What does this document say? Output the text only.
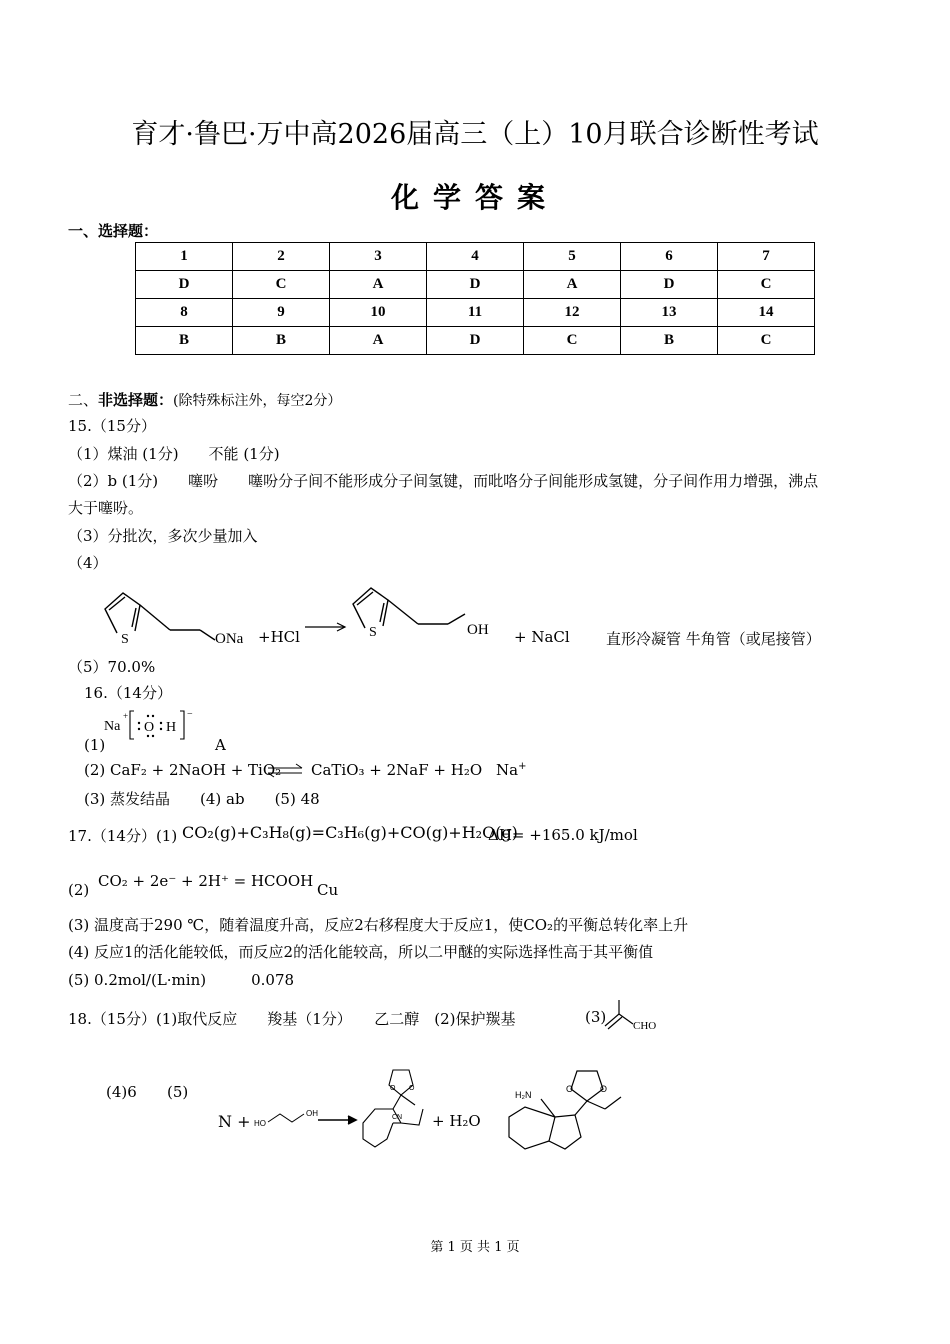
育才·鲁巴·万中高2026届高三（上）10月联合诊断性考试
化学答案
一、选择题：
1	2	3	4	5	6	7
D	C	A	D	A	D	C
8	9	10	11	12	13	14
B	B	A	D	C	B	C
二、非选择题：(除特殊标注外，每空2分）
15.（15分）
（1）煤油 (1分)　　不能 (1分)
（2）b (1分)　　噻吩　　噻吩分子间不能形成分子间氢键，而吡咯分子间能形成氢键，分子间作用力增强，沸点
大于噻吩。
（3）分批次，多次少量加入
（4）
S	ONa +HCl → S	OH + NaCl 直形冷凝管 牛角管（或尾接管）
（5）70.0%
16.（14分）
(1)
Na
+
O H
−
A
(2) CaF₂ + 2NaOH + TiO₂ ⇌ CaTiO₃ + 2NaF + H₂O Na+
(3) 蒸发结晶　　(4) ab　　(5) 48
17.（14分）(1) CO₂(g)+C₃H₈(g)=C₃H₆(g)+CO(g)+H₂O(g)
ΔH= +165.0 kJ/mol
(2) CO₂ + 2e⁻ + 2H⁺ = HCOOH Cu
(3) 温度高于290 ℃，随着温度升高，反应2右移程度大于反应1，使CO₂的平衡总转化率上升
(4) 反应1的活化能较低，而反应2的活化能较高，所以二甲醚的实际选择性高于其平衡值
(5) 0.2mol/(L·min)　　　0.078
18.（15分）(1)取代反应　　羧基（1分）　　乙二醇　(2)保护羰基	(3) CHO
(4)6 (5)
N + HO
OH
O O
CN + H₂O
H₂N
O	O
第 1 页 共 1 页
